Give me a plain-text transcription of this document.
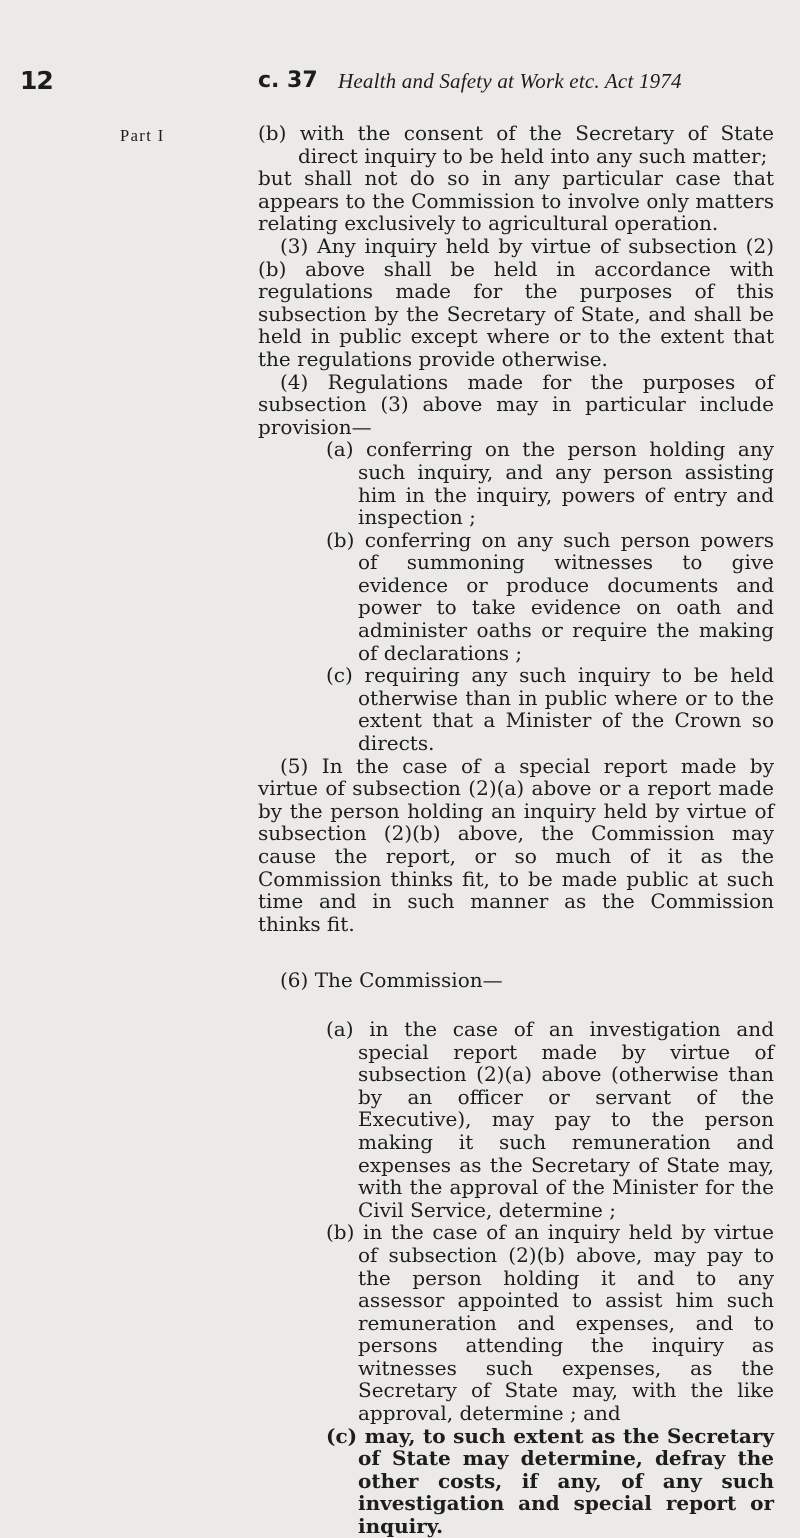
12	c. 37 Health and Safety at Work etc. Act 1974
Part I	(b) with the consent of the Secretary of State direct inquiry to be held into any such matter;

but shall not do so in any particular case that appears to the Commission to involve only matters relating exclusively to agricultural operation.

(3) Any inquiry held by virtue of subsection (2)(b) above shall be held in accordance with regulations made for the purposes of this subsection by the Secretary of State, and shall be held in public except where or to the extent that the regulations provide otherwise.

(4) Regulations made for the purposes of subsection (3) above may in particular include provision—

(a) conferring on the person holding any such inquiry, and any person assisting him in the inquiry, powers of entry and inspection ;

(b) conferring on any such person powers of summoning witnesses to give evidence or produce documents and power to take evidence on oath and administer oaths or require the making of declarations ;

(c) requiring any such inquiry to be held otherwise than in public where or to the extent that a Minister of the Crown so directs.

(5) In the case of a special report made by virtue of subsection (2)(a) above or a report made by the person holding an inquiry held by virtue of subsection (2)(b) above, the Commission may cause the report, or so much of it as the Commission thinks fit, to be made public at such time and in such manner as the Commission thinks fit.

(6) The Commission—

(a) in the case of an investigation and special report made by virtue of subsection (2)(a) above (otherwise than by an officer or servant of the Executive), may pay to the person making it such remuneration and expenses as the Secretary of State may, with the approval of the Minister for the Civil Service, determine ;

(b) in the case of an inquiry held by virtue of subsection (2)(b) above, may pay to the person holding it and to any assessor appointed to assist him such remuneration and expenses, and to persons attending the inquiry as witnesses such expenses, as the Secretary of State may, with the like approval, determine ; and

(c) may, to such extent as the Secretary of State may determine, defray the other costs, if any, of any such investigation and special report or inquiry.
